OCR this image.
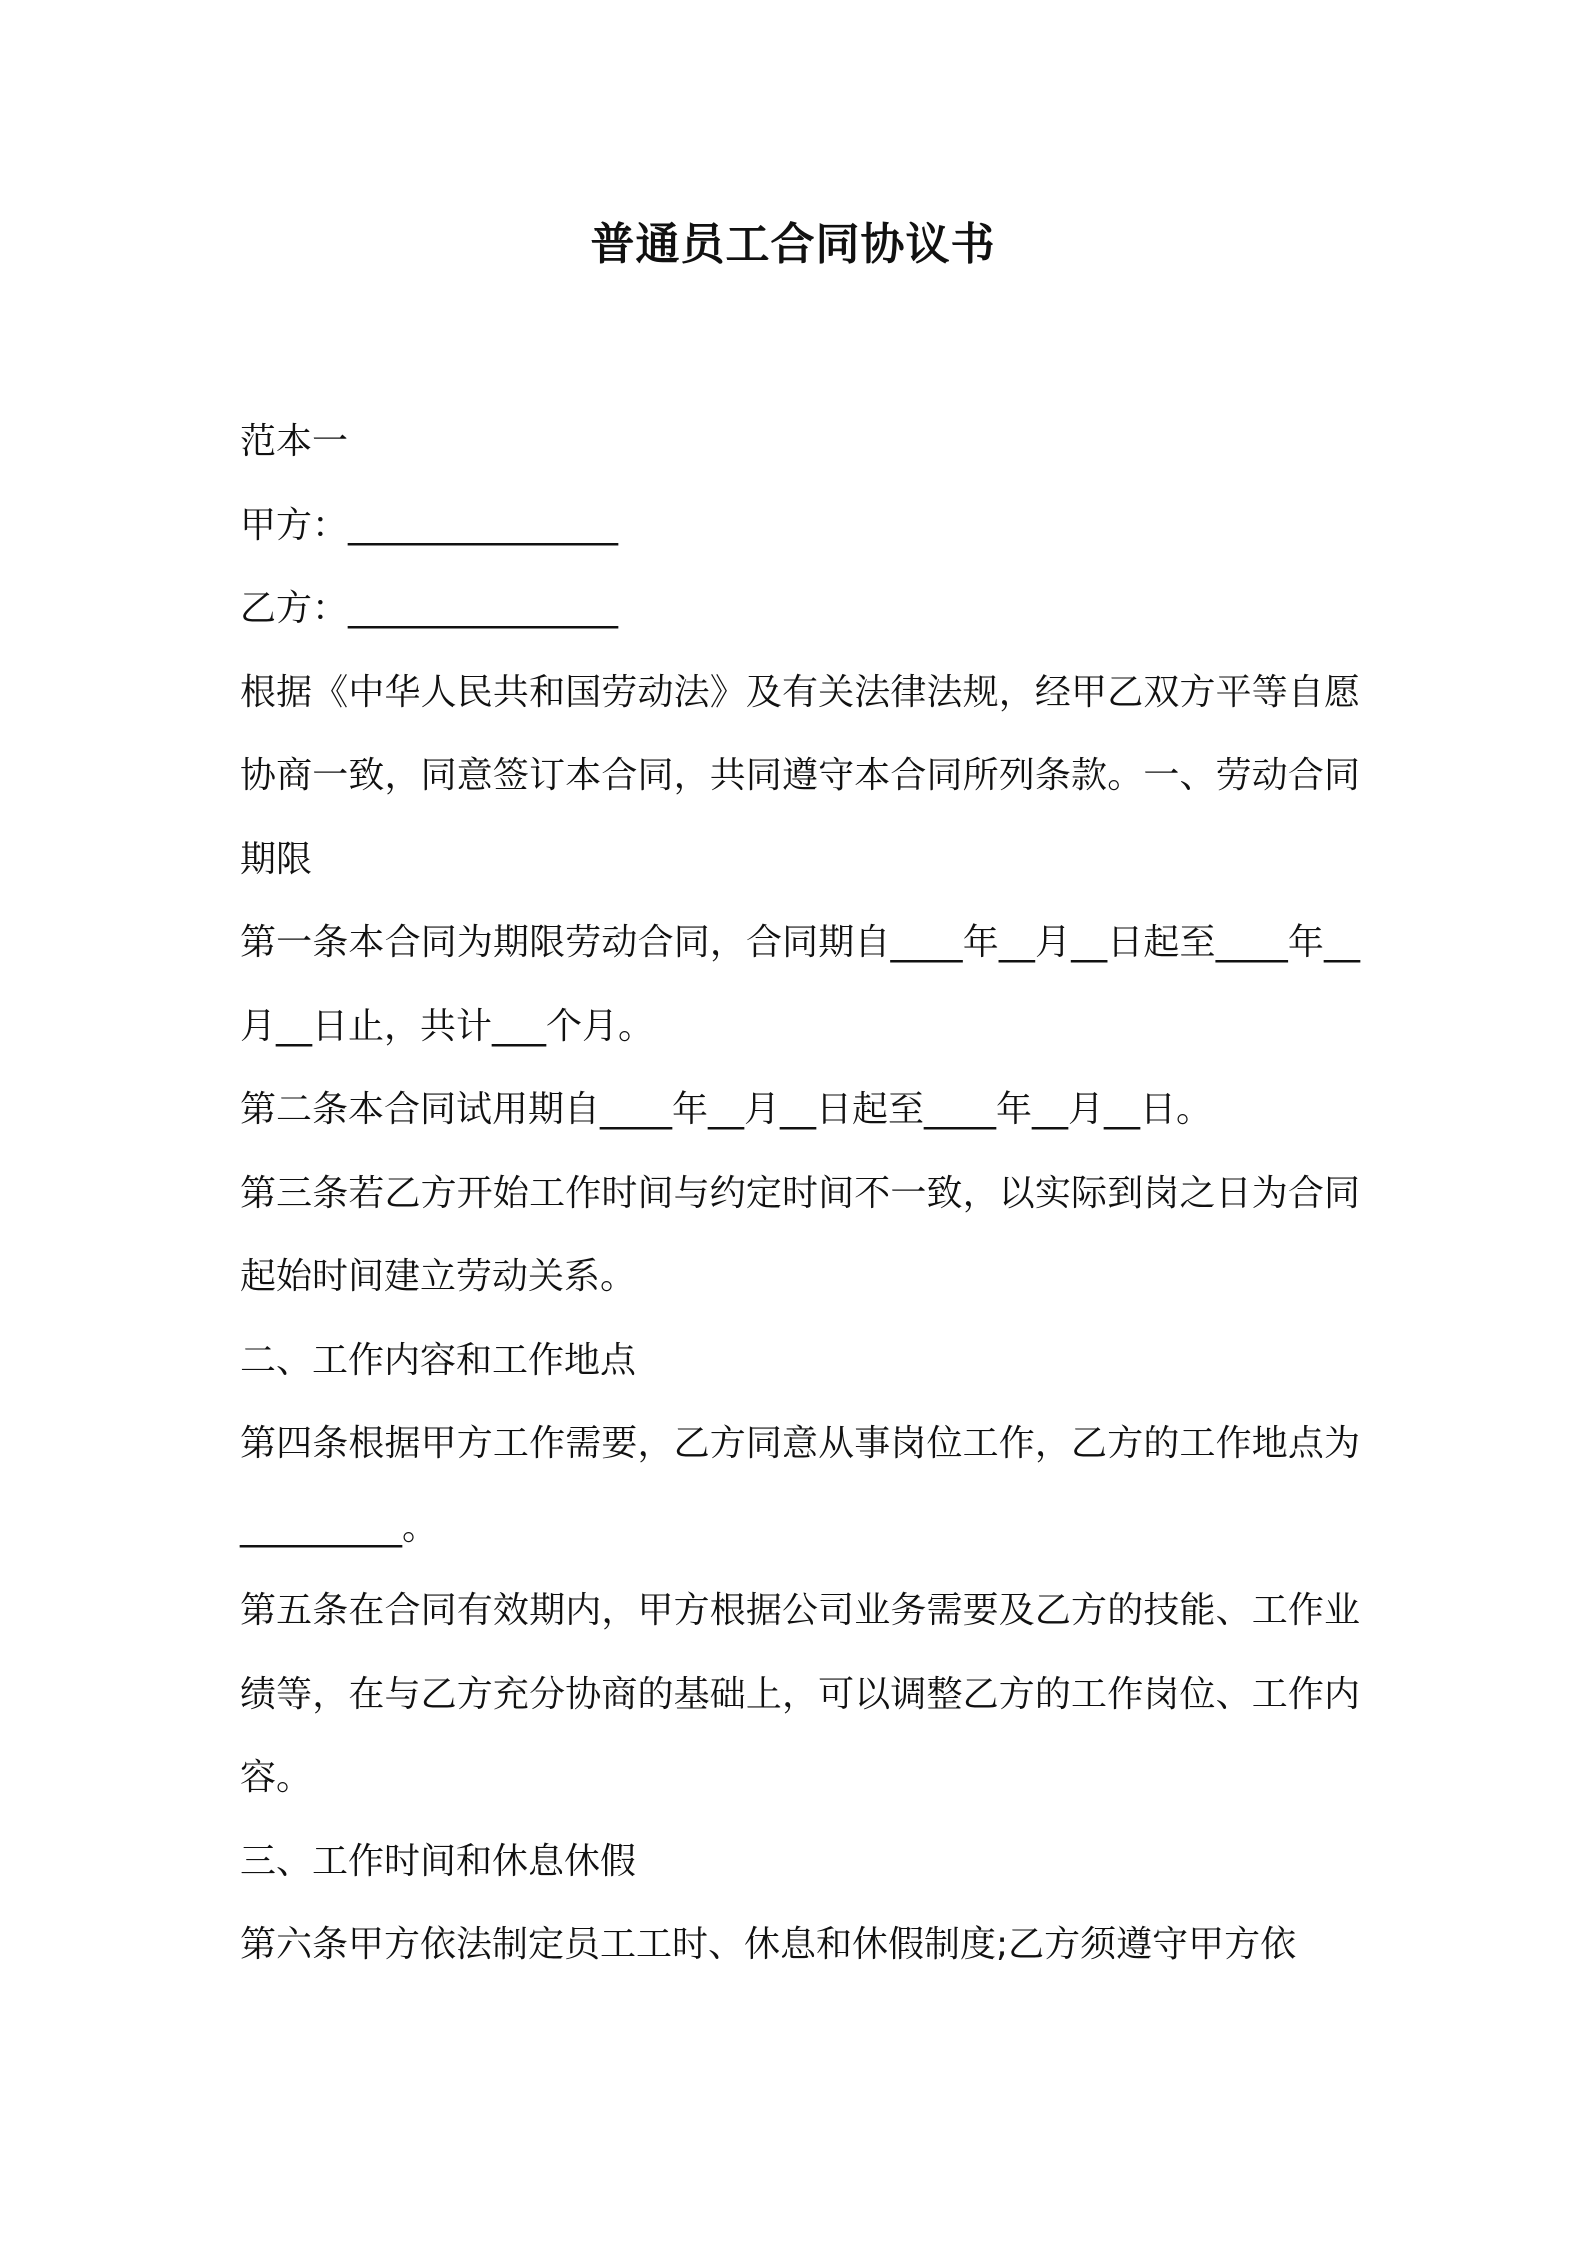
普通员工合同协议书

范本一

甲方：_______________

乙方：_______________

根据《中华人民共和国劳动法》及有关法律法规，经甲乙双方平等自愿协商一致，同意签订本合同，共同遵守本合同所列条款。一、劳动合同期限

第一条本合同为期限劳动合同，合同期自____年__月__日起至____年__月__日止，共计___个月。

第二条本合同试用期自____年__月__日起至____年__月__日。

第三条若乙方开始工作时间与约定时间不一致，以实际到岗之日为合同起始时间建立劳动关系。

二、工作内容和工作地点

第四条根据甲方工作需要，乙方同意从事岗位工作，乙方的工作地点为_________。

第五条在合同有效期内，甲方根据公司业务需要及乙方的技能、工作业绩等，在与乙方充分协商的基础上，可以调整乙方的工作岗位、工作内容。

三、工作时间和休息休假

第六条甲方依法制定员工工时、休息和休假制度;乙方须遵守甲方依
